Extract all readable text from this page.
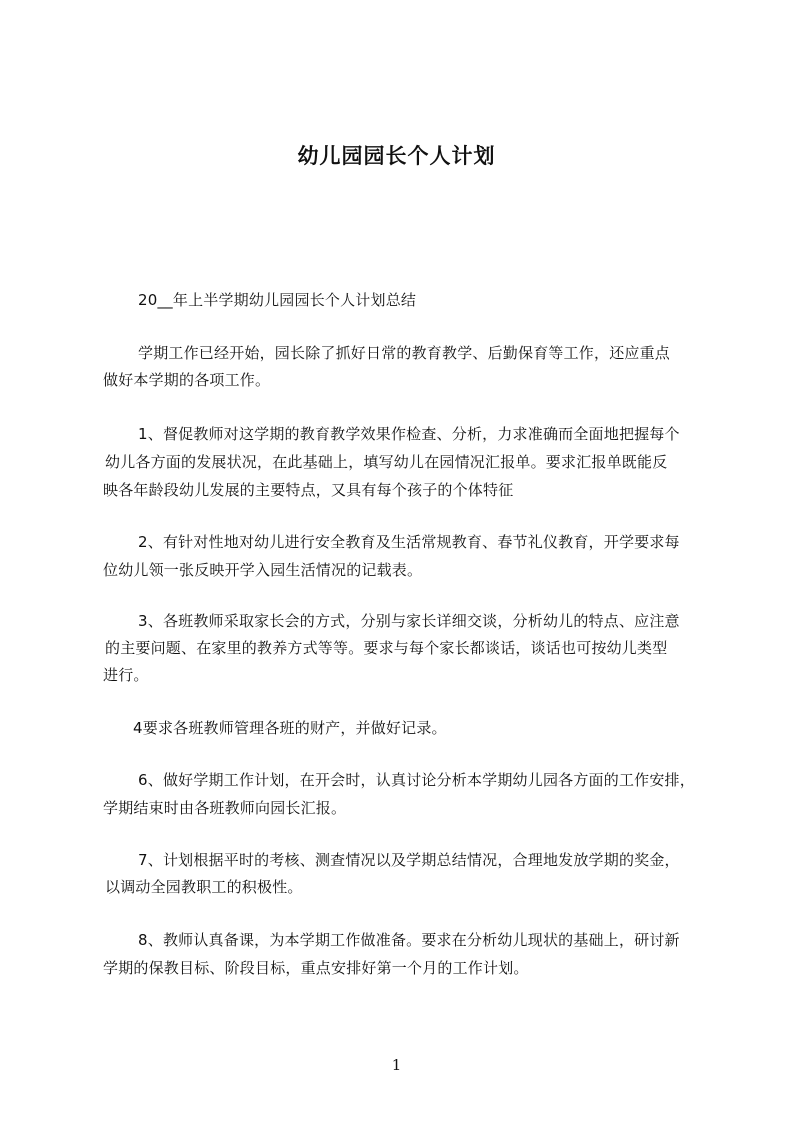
幼儿园园长个人计划
20__年上半学期幼儿园园长个人计划总结
学期工作已经开始，园长除了抓好日常的教育教学、后勤保育等工作，还应重点
做好本学期的各项工作。
1、督促教师对这学期的教育教学效果作检查、分析，力求准确而全面地把握每个
幼儿各方面的发展状况，在此基础上，填写幼儿在园情况汇报单。要求汇报单既能反
映各年龄段幼儿发展的主要特点，又具有每个孩子的个体特征
2、有针对性地对幼儿进行安全教育及生活常规教育、春节礼仪教育，开学要求每
位幼儿领一张反映开学入园生活情况的记载表。
3、各班教师采取家长会的方式，分别与家长详细交谈，分析幼儿的特点、应注意
的主要问题、在家里的教养方式等等。要求与每个家长都谈话，谈话也可按幼儿类型
进行。
4要求各班教师管理各班的财产，并做好记录。
6、做好学期工作计划，在开会时，认真讨论分析本学期幼儿园各方面的工作安排，
学期结束时由各班教师向园长汇报。
7、计划根据平时的考核、测查情况以及学期总结情况，合理地发放学期的奖金，
以调动全园教职工的积极性。
8、教师认真备课，为本学期工作做准备。要求在分析幼儿现状的基础上，研讨新
学期的保教目标、阶段目标，重点安排好第一个月的工作计划。
1
